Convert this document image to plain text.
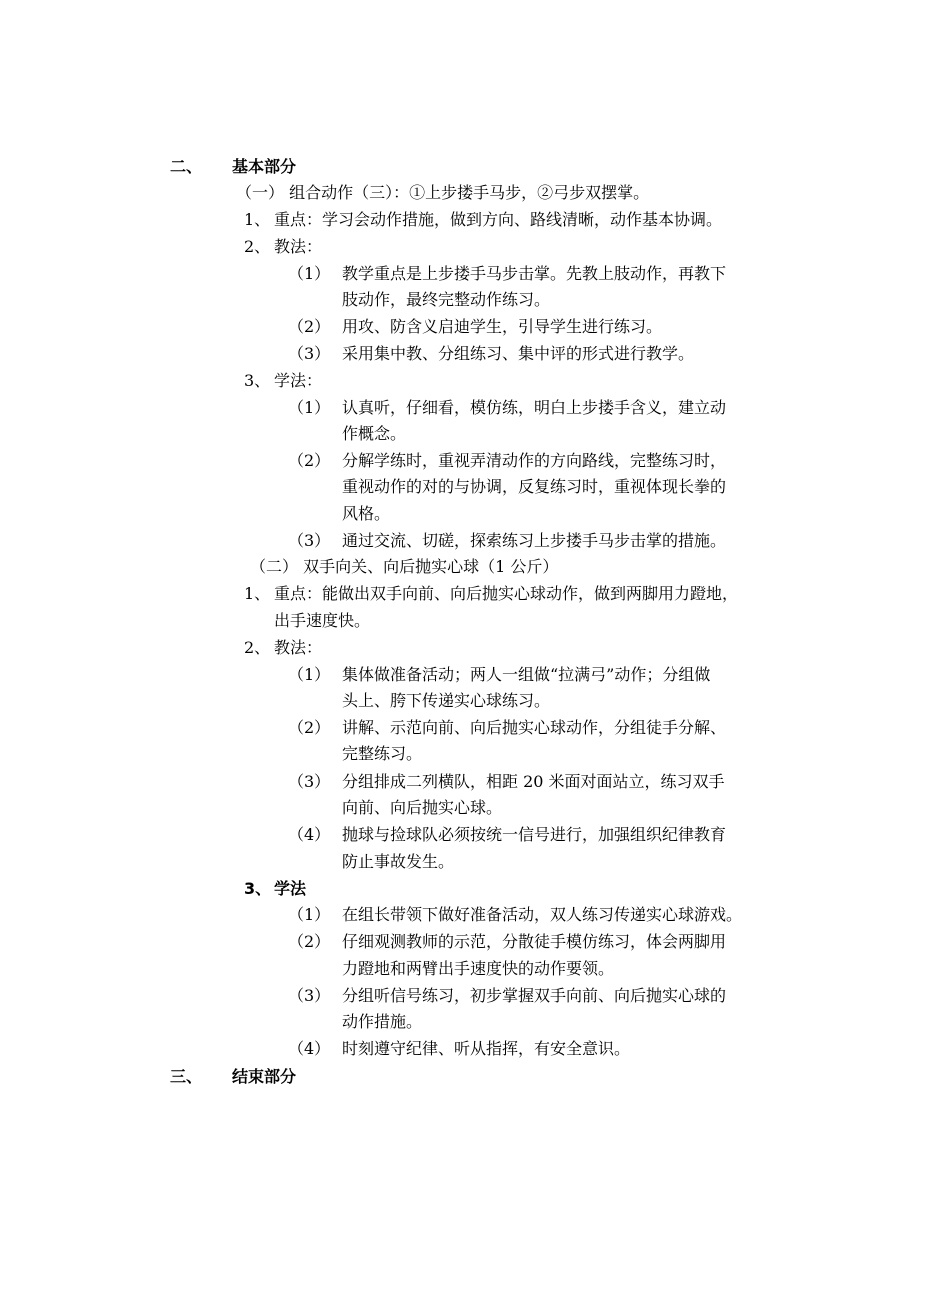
二、 基本部分
（一） 组合动作（三）：①上步搂手马步，②弓步双摆掌。
1、 重点：学习会动作措施，做到方向、路线清晰，动作基本协调。
2、 教法：
（1） 教学重点是上步搂手马步击掌。先教上肢动作，再教下
肢动作，最终完整动作练习。
（2） 用攻、防含义启迪学生，引导学生进行练习。
（3） 采用集中教、分组练习、集中评的形式进行教学。
3、 学法：
（1） 认真听，仔细看，模仿练，明白上步搂手含义，建立动
作概念。
（2） 分解学练时，重视弄清动作的方向路线，完整练习时，
重视动作的对的与协调，反复练习时，重视体现长拳的
风格。
（3） 通过交流、切磋，探索练习上步搂手马步击掌的措施。
（二） 双手向关、向后抛实心球（1 公斤）
1、 重点：能做出双手向前、向后抛实心球动作，做到两脚用力蹬地，
出手速度快。
2、 教法：
（1） 集体做准备活动；两人一组做“拉满弓”动作；分组做
头上、胯下传递实心球练习。
（2） 讲解、示范向前、向后抛实心球动作，分组徒手分解、
完整练习。
（3） 分组排成二列横队，相距 20 米面对面站立，练习双手
向前、向后抛实心球。
（4） 抛球与捡球队必须按统一信号进行，加强组织纪律教育
防止事故发生。
3、 学法
（1） 在组长带领下做好准备活动，双人练习传递实心球游戏。
（2） 仔细观测教师的示范，分散徒手模仿练习，体会两脚用
力蹬地和两臂出手速度快的动作要领。
（3） 分组听信号练习，初步掌握双手向前、向后抛实心球的
动作措施。
（4） 时刻遵守纪律、听从指挥，有安全意识。
三、 结束部分
